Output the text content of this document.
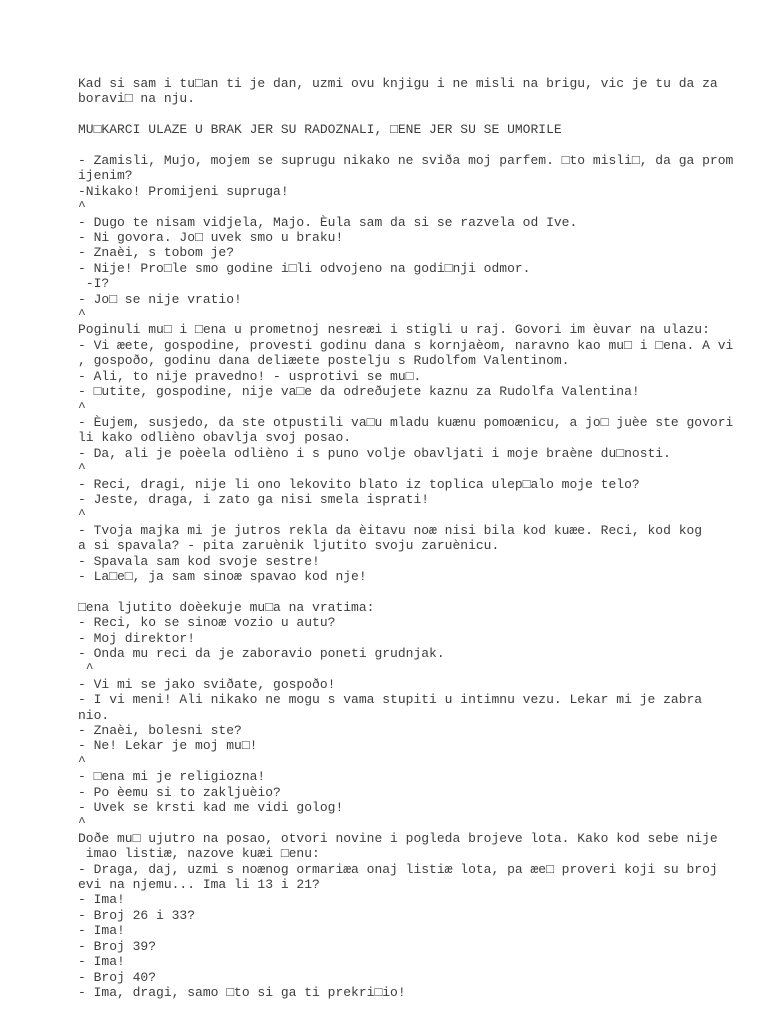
Kad si sam i tu□an ti je dan, uzmi ovu knjigu i ne misli na brigu, vic je tu da za
boravi□ na nju.
MU□KARCI ULAZE U BRAK JER SU RADOZNALI, □ENE JER SU SE UMORILE
- Zamisli, Mujo, mojem se suprugu nikako ne sviða moj parfem. □to misli□, da ga prom
ijenim?
-Nikako! Promijeni supruga!
^
- Dugo te nisam vidjela, Majo. Èula sam da si se razvela od Ive.
- Ni govora. Jo□ uvek smo u braku!
- Znaèi, s tobom je?
- Nije! Pro□le smo godine i□li odvojeno na godi□nji odmor.
-I?
- Jo□ se nije vratio!
^
Poginuli mu□ i □ena u prometnoj nesreæi i stigli u raj. Govori im èuvar na ulazu:
- Vi æete, gospodine, provesti godinu dana s kornjaèom, naravno kao mu□ i □ena. A vi
, gospoðo, godinu dana deliæete postelju s Rudolfom Valentinom.
- Ali, to nije pravedno! - usprotivi se mu□.
- □utite, gospodine, nije va□e da odreðujete kaznu za Rudolfa Valentina!
^
- Èujem, susjedo, da ste otpustili va□u mladu kuænu pomoænicu, a jo□ juèe ste govori
li kako odlièno obavlja svoj posao.
- Da, ali je poèela odlièno i s puno volje obavljati i moje braène du□nosti.
^
- Reci, dragi, nije li ono lekovito blato iz toplica ulep□alo moje telo?
- Jeste, draga, i zato ga nisi smela isprati!
^
- Tvoja majka mi je jutros rekla da èitavu noæ nisi bila kod kuæe. Reci, kod kog
a si spavala? - pita zaruènik ljutito svoju zaruènicu.
- Spavala sam kod svoje sestre!
- La□e□, ja sam sinoæ spavao kod nje!
□ena ljutito doèekuje mu□a na vratima:
- Reci, ko se sinoæ vozio u autu?
- Moj direktor!
- Onda mu reci da je zaboravio poneti grudnjak.
^
- Vi mi se jako sviðate, gospoðo!
- I vi meni! Ali nikako ne mogu s vama stupiti u intimnu vezu. Lekar mi je zabra
nio.
- Znaèi, bolesni ste?
- Ne! Lekar je moj mu□!
^
- □ena mi je religiozna!
- Po èemu si to zakljuèio?
- Uvek se krsti kad me vidi golog!
^
Doðe mu□ ujutro na posao, otvori novine i pogleda brojeve lota. Kako kod sebe nije
imao listiæ, nazove kuæi □enu:
- Draga, daj, uzmi s noænog ormariæa onaj listiæ lota, pa æe□ proveri koji su broj
evi na njemu... Ima li 13 i 21?
- Ima!
- Broj 26 i 33?
- Ima!
- Broj 39?
- Ima!
- Broj 40?
- Ima, dragi, samo □to si ga ti prekri□io!
